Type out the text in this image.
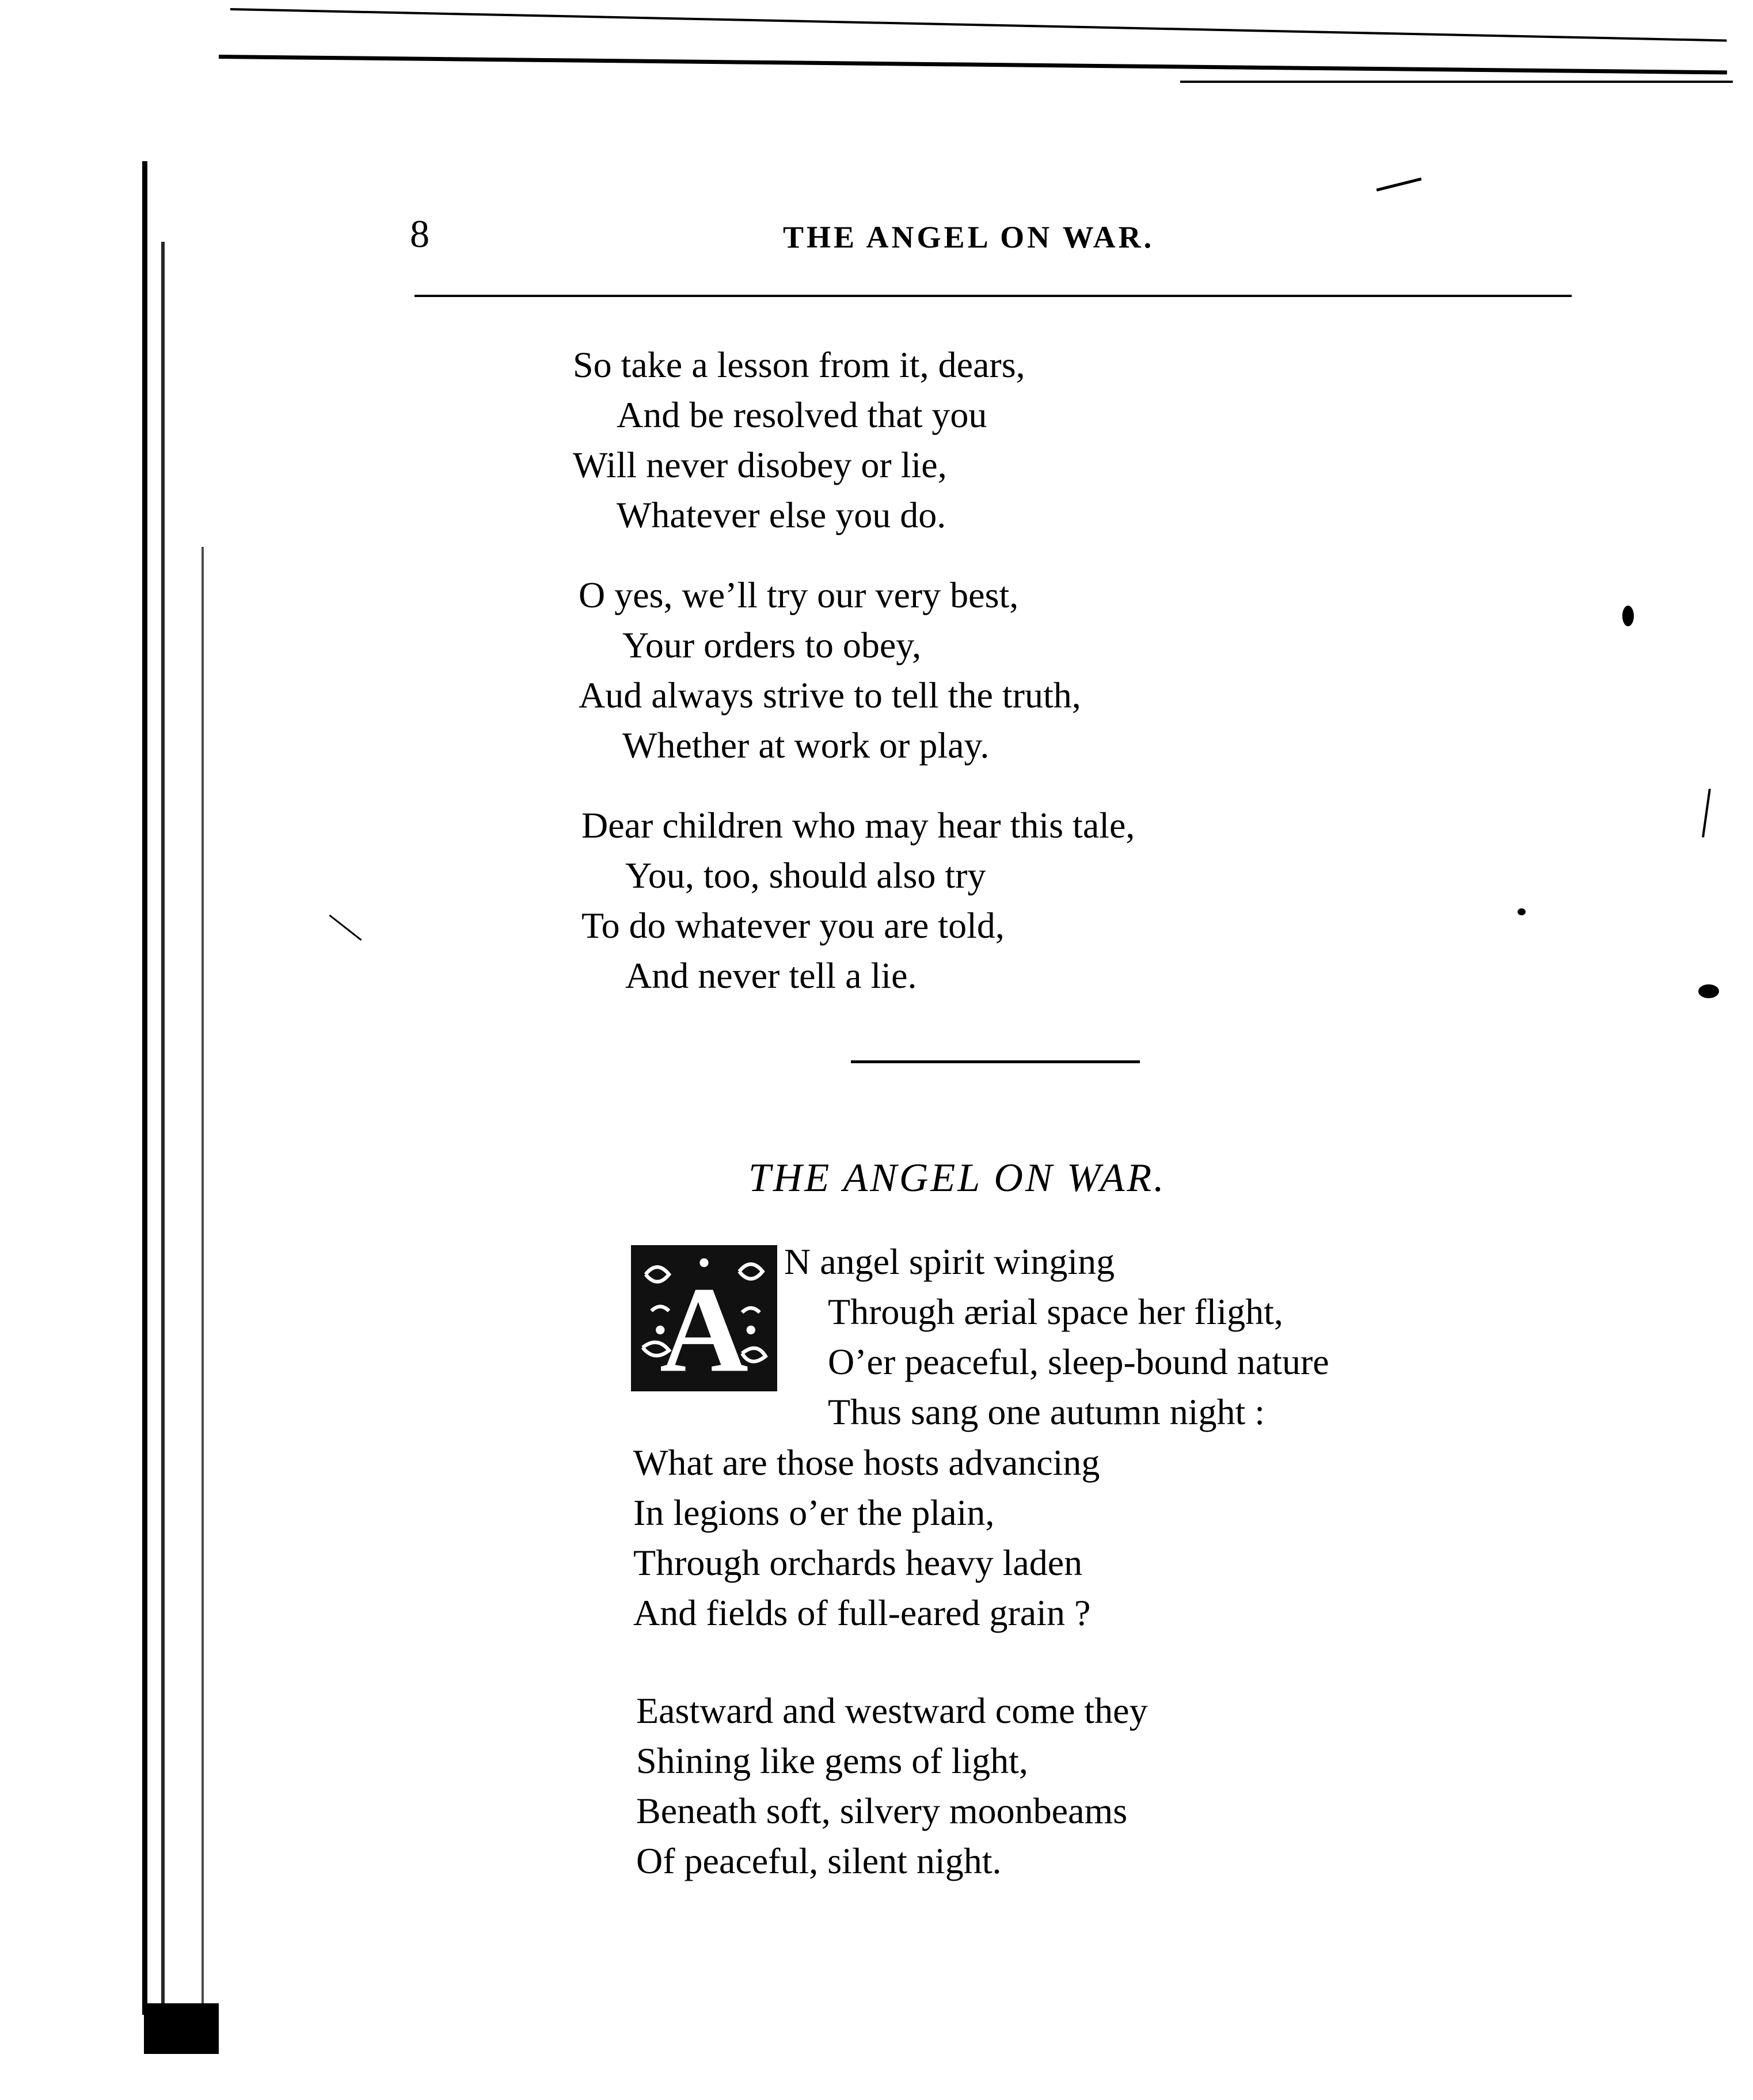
8	THE ANGEL ON WAR.
So take a lesson from it, dears,
And be resolved that you
Will never disobey or lie,
Whatever else you do.
O yes, we’ll try our very best,
Your orders to obey,
Aud always strive to tell the truth,
Whether at work or play.
Dear children who may hear this tale,
You, too, should also try
To do whatever you are told,
And never tell a lie.
THE ANGEL ON WAR.
A
N angel spirit winging
Through ærial space her flight,
O’er peaceful, sleep-bound nature
Thus sang one autumn night :
What are those hosts advancing
In legions o’er the plain,
Through orchards heavy laden
And fields of full-eared grain ?
Eastward and westward come they
Shining like gems of light,
Beneath soft, silvery moonbeams
Of peaceful, silent night.
